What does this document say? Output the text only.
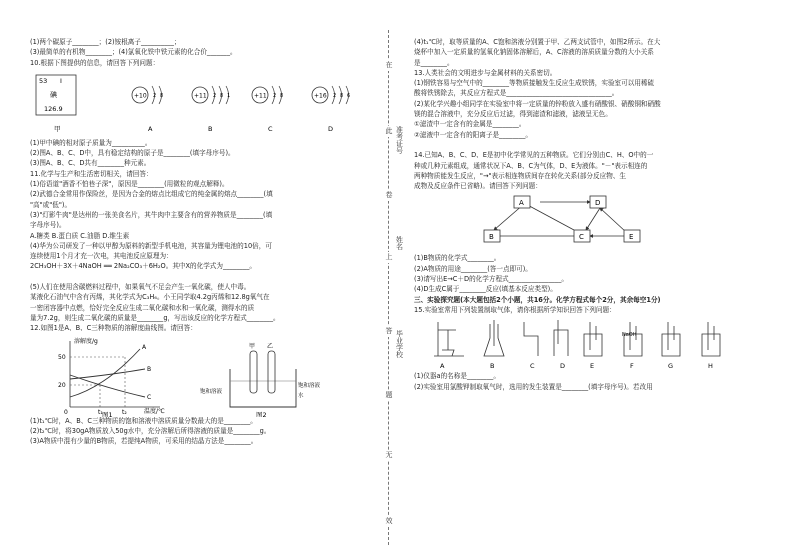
(1)两个碳原子________；(2)铵根离子__________；

(3)最简单的有机物________；(4)氯氧化铁中铁元素的化合价_______。

10.根据下图提供的信息，请回答下列问题：

53 I
碘
126.9
+10 2 8	+11 2 8 1	+11 2 8	+16 2 8 6
甲	A	B	C	D

(1)甲中碘的相对原子质量为__________。

(2)图A、B、C、D中，具有稳定结构的原子是________(填字母序号)。

(3)图A、B、C、D共有________种元素。

11.化学与生产和生活密切相关，请回答：

(1)俗语道"酒香不怕巷子深"，原因是________(用微粒的观点解释)。

(2)武德合金常用作保险丝，是因为合金的熔点比组成它的纯金属的熔点________(填

"高"或"低")。

(3)"灯影牛肉"是达州的一张美食名片，其牛肉中主要含有的营养物质是________(填

字母序号)。

A.糖类 B.蛋白质 C.油脂 D.维生素

(4)华为公司研发了一种以甲醇为原料的新型手机电池，其容量为锂电池的10倍，可

连续使用1个月才充一次电，其电池反应原理为：

2CH₃OH＋3X＋4NaOH ══ 2Na₂CO₃＋6H₂O。其中X的化学式为________。

(5)人们在使用含碳燃料过程中，如果氧气不足会产生一氧化碳，使人中毒。

某液化石油气中含有丙烯，其化学式为C₃H₆。小王同学取4.2g丙烯和12.8g氧气在

一密闭容器中点燃，恰好完全反应生成二氧化碳和水和一氧化碳，测得水的质

量为7.2g，则生成二氧化碳的质量是________g，写出该反应的化学方程式________。

12.如图1是A、B、C三种物质的溶解度曲线图。请回答：

溶解度/g
温度/℃
50
20
0	t₁	t₂
A
B
C
甲 乙
饱和溶液
饱和溶液
水
图1	图2

(1)t₁℃时，A、B、C三种物质的饱和溶液中溶质质量分数最大的是________。

(2)t₂℃时，将30gA物质放入50g水中，充分溶解后所得溶液的质量是________g。

(3)A物质中混有少量的B物质，若提纯A物质，可采用的结晶方法是________。

在
此
卷
上
答
题
无
效
准考证号
姓名
毕业学校

(4)t₁℃时，取等质量的A、C饱和溶液分别置于甲、乙两支试管中，如图2所示。在大

烧杯中加入一定质量的氢氧化钠固体溶解后，A、C溶液的溶质质量分数的大小关系

是________。

13.人类社会的文明进步与金属材料的关系密切。

(1)钢铁容易与空气中的________等物质接触发生反应生成铁锈，实验室可以用稀硫

酸将铁锈除去，其反应方程式是________________________________。

(2)某化学兴趣小组同学在实验室中将一定质量的锌粉放入盛有硝酸银、硝酸铜和硝酸

镁的混合溶液中，充分反应后过滤，得到滤渣和滤液，滤液呈无色。

①滤渣中一定含有的金属是________。

②滤液中一定含有的阳离子是________。

14.已知A、B、C、D、E是初中化学常见的五种物质。它们分别由C、H、O中的一

种或几种元素组成，通常状况下A、B、C为气体，D、E为液体。"－"表示相连的

两种物质能发生反应，"→"表示相连物质间存在转化关系(部分反应物、生

成物及反应条件已省略)。请回答下列问题：

A	D
B	C	E

(1)B物质的化学式________。

(2)A物质的用途________(答一点即可)。

(3)请写出E→C＋D的化学方程式________________。

(4)D生成C属于________反应(填基本反应类型)。

三、实验探究题(本大题包括2个小题，共16分。化学方程式每个2分，其余每空1分)

15.实验室常用下列装置制取气体，请你根据所学知识回答下列问题：

A	B	C	D	E	F	G	H
NaOH

(1)仪器a的名称是________。

(2)实验室用氯酸钾制取氧气时，选用的发生装置是________(填字母序号)。若改用
